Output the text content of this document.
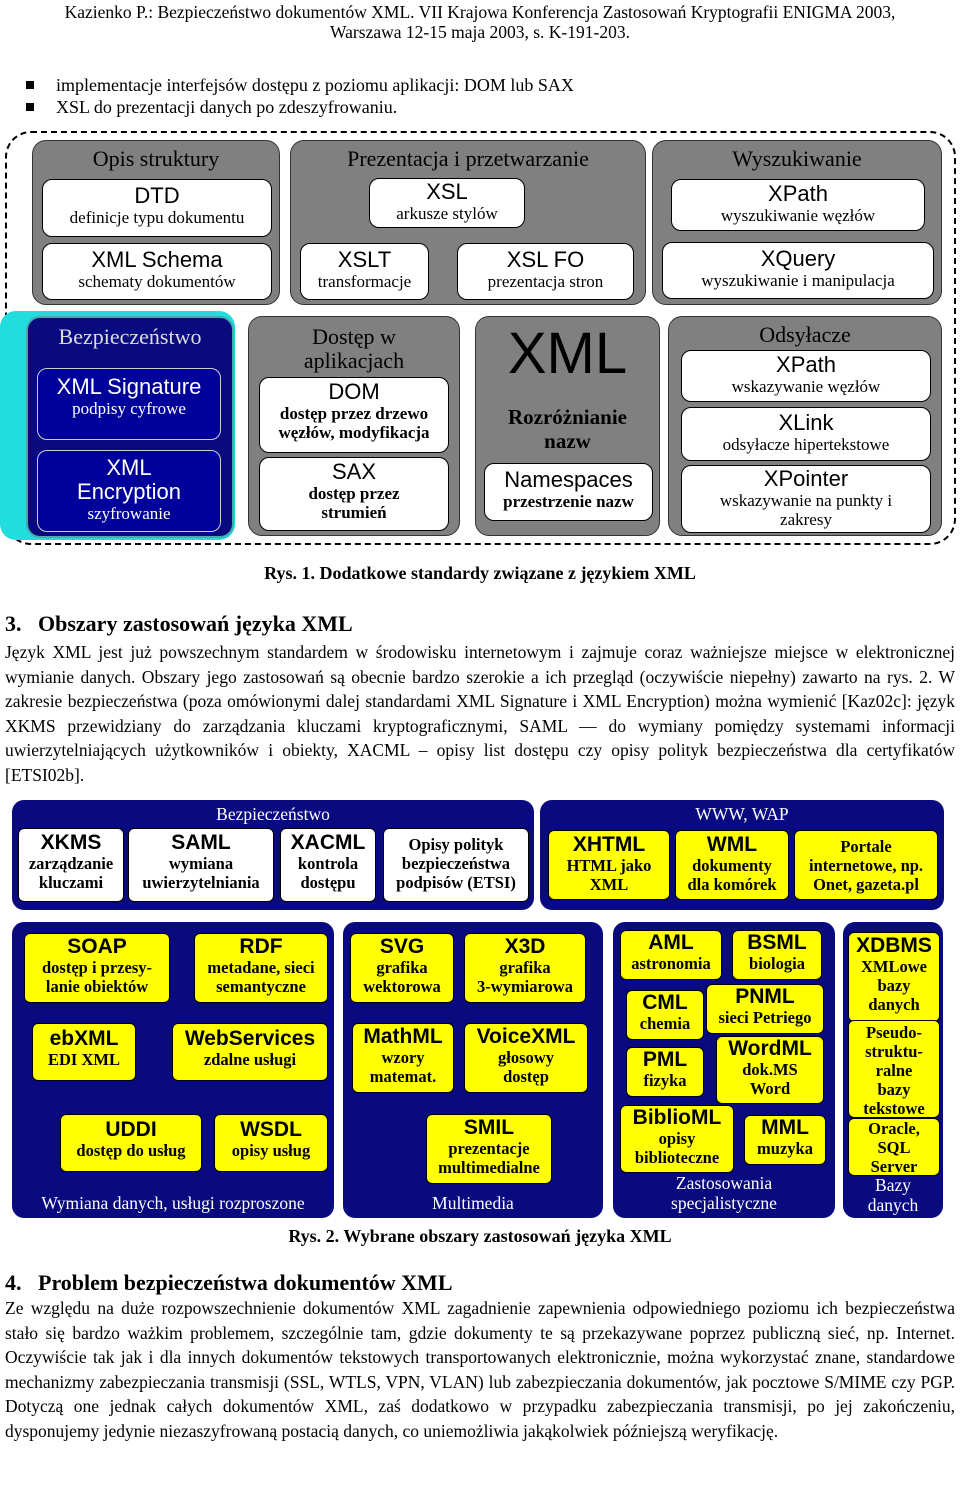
Kazienko P.: Bezpieczeństwo dokumentów XML. VII Krajowa Konferencja Zastosowań Kryptografii ENIGMA 2003,
Warszawa 12-15 maja 2003, s. K-191-203.
implementacje interfejsów dostępu z poziomu aplikacji: DOM lub SAX
XSL do prezentacji danych po zdeszyfrowaniu.
Opis struktury
DTD
definicje typu dokumentu
XML Schema
schematy dokumentów
Prezentacja i przetwarzanie
XSL
arkusze stylów
XSLT
transformacje
XSL FO
prezentacja stron
Wyszukiwanie
XPath
wyszukiwanie węzłów
XQuery
wyszukiwanie i manipulacja
Bezpieczeństwo
XML Signature
podpisy cyfrowe
XML
Encryption
szyfrowanie
Dostęp w
aplikacjach
DOM
dostęp przez drzewo
węzłów, modyfikacja
SAX
dostęp przez
strumień
XML
Rozróżnianie
nazw
Namespaces
przestrzenie nazw
Odsyłacze
XPath
wskazywanie węzłów
XLink
odsyłacze hipertekstowe
XPointer
wskazywanie na punkty i
zakresy
Rys. 1. Dodatkowe standardy związane z językiem XML
3.   Obszary zastosowań języka XML
Język XML jest już powszechnym standardem w środowisku internetowym i zajmuje coraz ważniejsze miejsce w elektronicznej wymianie danych. Obszary jego zastosowań są obecnie bardzo szerokie a ich przegląd (oczywiście niepełny) zawarto na rys. 2. W zakresie bezpieczeństwa (poza omówionymi dalej standardami XML Signature i XML Encryption) można wymienić [Kaz02c]: język XKMS przewidziany do zarządzania kluczami kryptograficznymi, SAML — do wymiany pomiędzy systemami informacji uwierzytelniających użytkowników i obiekty, XACML – opisy list dostępu czy opisy polityk bezpieczeństwa dla certyfikatów [ETSI02b].
Bezpieczeństwo
XKMS
zarządzanie
kluczami
SAML
wymiana
uwierzytelniania
XACML
kontrola
dostępu
Opisy polityk
bezpieczeństwa
podpisów (ETSI)
WWW, WAP
XHTML
HTML jako
XML
WML
dokumenty
dla komórek
Portale
internetowe, np.
Onet, gazeta.pl
SOAP
dostęp i przesy-
lanie obiektów
RDF
metadane, sieci
semantyczne
ebXML
EDI XML
WebServices
zdalne usługi
UDDI
dostęp do usług
WSDL
opisy usług
Wymiana danych, usługi rozproszone
SVG
grafika
wektorowa
X3D
grafika
3-wymiarowa
MathML
wzory
matemat.
VoiceXML
głosowy
dostęp
SMIL
prezentacje
multimedialne
Multimedia
AML
astronomia
BSML
biologia
CML
chemia
PNML
sieci Petriego
PML
fizyka
WordML
dok.MS
Word
BiblioML
opisy
biblioteczne
MML
muzyka
Zastosowania
specjalistyczne
XDBMS
XMLowe
bazy
danych
Pseudo-
struktu-
ralne
bazy
tekstowe
Oracle,
SQL
Server
Bazy
danych
Rys. 2. Wybrane obszary zastosowań języka XML
4.   Problem bezpieczeństwa dokumentów XML
Ze względu na duże rozpowszechnienie dokumentów XML zagadnienie zapewnienia odpowiedniego poziomu ich bezpieczeństwa stało się bardzo ważkim problemem, szczególnie tam, gdzie dokumenty te są przekazywane poprzez publiczną sieć, np. Internet. Oczywiście tak jak i dla innych dokumentów tekstowych transportowanych elektronicznie, można wykorzystać znane, standardowe mechanizmy zabezpieczania transmisji (SSL, WTLS, VPN, VLAN) lub zabezpieczania dokumentów, jak pocztowe S/MIME czy PGP. Dotyczą one jednak całych dokumentów XML, zaś dodatkowo w przypadku zabezpieczania transmisji, po jej zakończeniu, dysponujemy jedynie niezaszyfrowaną postacią danych, co uniemożliwia jakąkolwiek późniejszą weryfikację.
